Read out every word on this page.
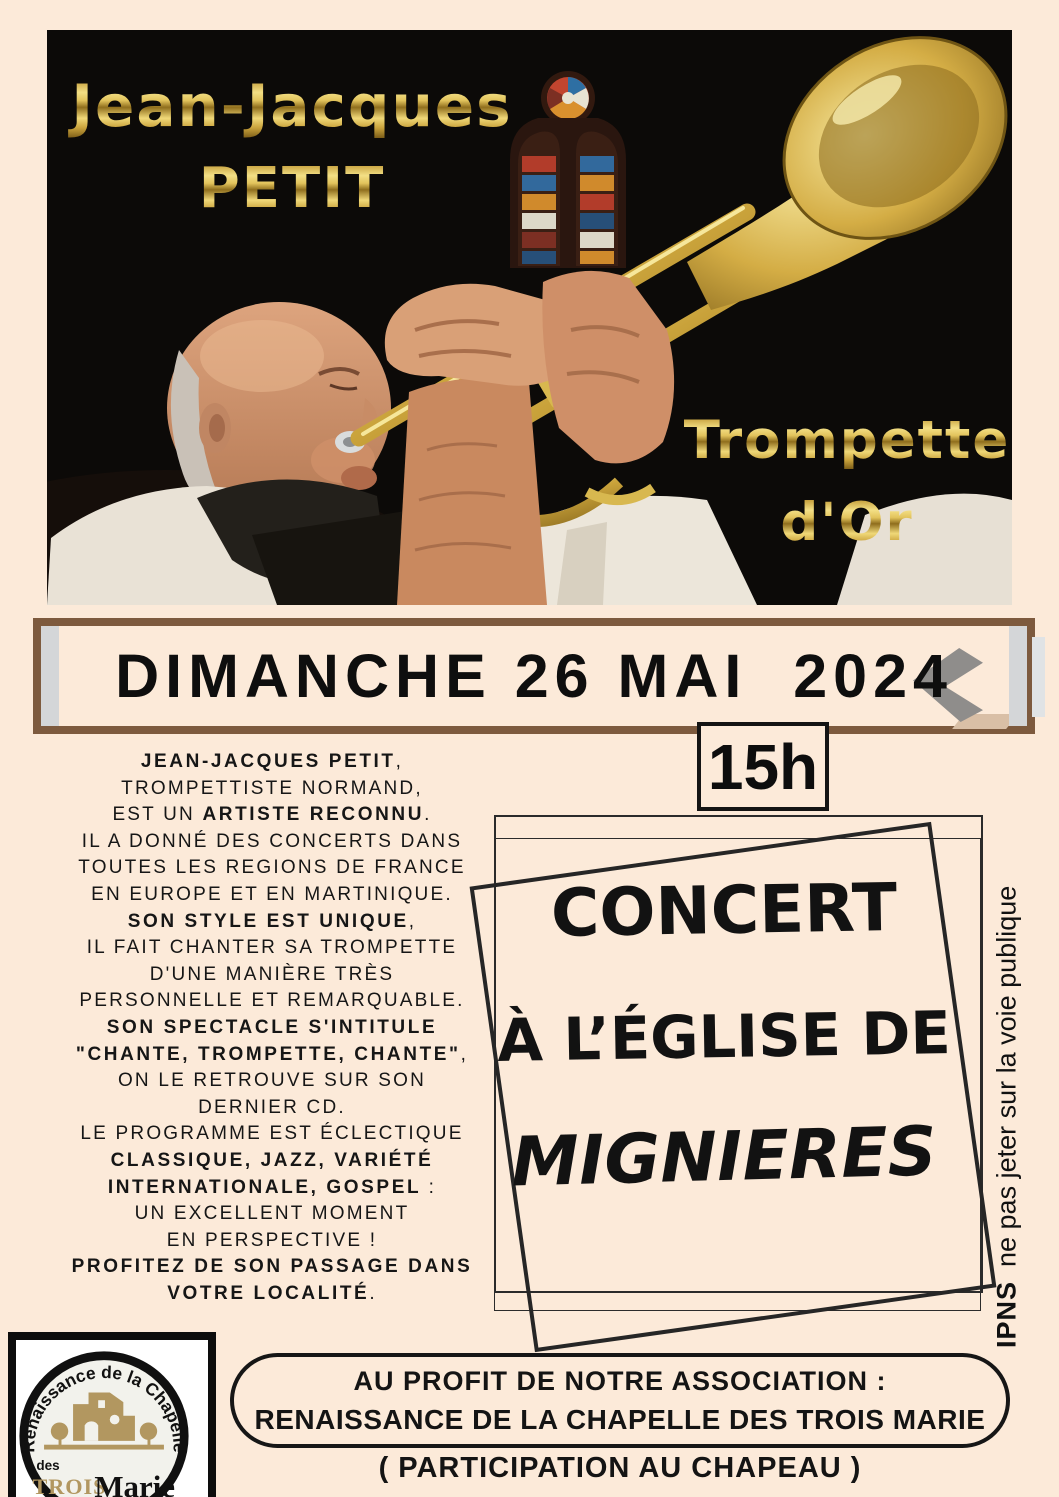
Jean-Jacques
PETIT
Trompette
d'Or
DIMANCHE 26 MAI  2024
15h
JEAN-JACQUES PETIT,
TROMPETTISTE NORMAND,
EST UN ARTISTE RECONNU.
IL A DONNÉ DES CONCERTS DANS
TOUTES LES REGIONS DE FRANCE
EN EUROPE ET EN MARTINIQUE.
SON STYLE EST UNIQUE,
IL FAIT CHANTER SA TROMPETTE
D'UNE MANIÈRE TRÈS
PERSONNELLE ET REMARQUABLE.
SON SPECTACLE S'INTITULE
"CHANTE, TROMPETTE, CHANTE",
ON LE RETROUVE SUR SON
DERNIER CD.
LE PROGRAMME EST ÉCLECTIQUE
CLASSIQUE, JAZZ, VARIÉTÉ
INTERNATIONALE, GOSPEL :
UN EXCELLENT MOMENT
EN PERSPECTIVE !
PROFITEZ DE SON PASSAGE DANS
VOTRE LOCALITÉ.
CONCERT
À L’ÉGLISE DE
MIGNIERES
IPNS
ne pas jeter sur la voie publique
AU PROFIT DE NOTRE ASSOCIATION :
RENAISSANCE DE LA CHAPELLE DES TROIS MARIE
( PARTICIPATION AU CHAPEAU )
Renaissance de la Chapelle
des
TROIS
Marie
